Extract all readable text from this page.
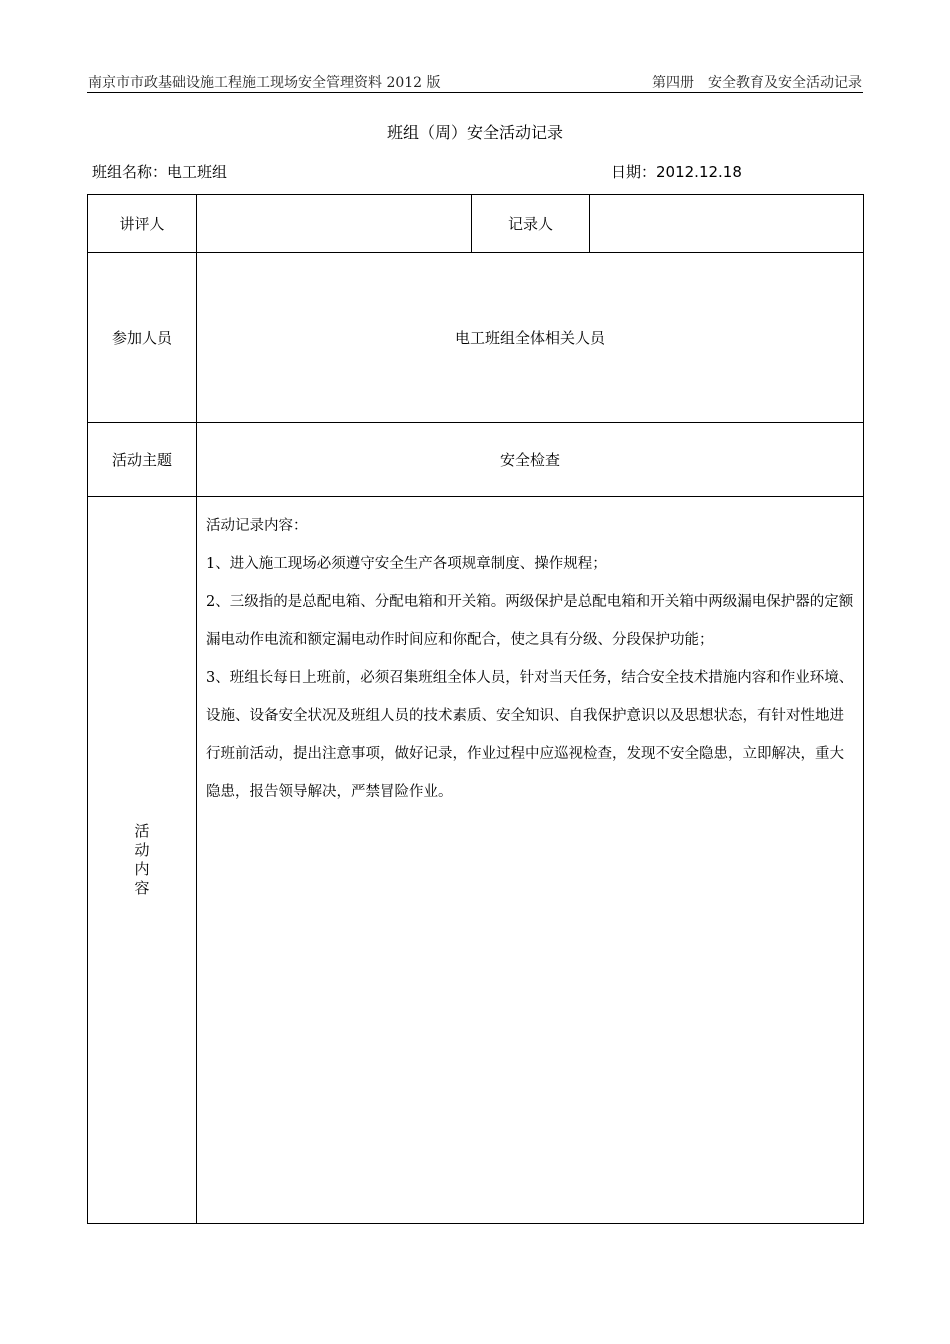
南京市市政基础设施工程施工现场安全管理资料 2012 版	第四册 安全教育及安全活动记录
班组（周）安全活动记录
班组名称：电工班组	日期：2012.12.18
讲评人		记录人	
参加人员	电工班组全体相关人员		
活动主题	安全检查		
活动内容	活动记录内容：

1、进入施工现场必须遵守安全生产各项规章制度、操作规程；

2、三级指的是总配电箱、分配电箱和开关箱。两级保护是总配电箱和开关箱中两级漏电保护器的定额漏电动作电流和额定漏电动作时间应和你配合，使之具有分级、分段保护功能；

3、班组长每日上班前，必须召集班组全体人员，针对当天任务，结合安全技术措施内容和作业环境、设施、设备安全状况及班组人员的技术素质、安全知识、自我保护意识以及思想状态，有针对性地进行班前活动，提出注意事项，做好记录，作业过程中应巡视检查，发现不安全隐患，立即解决，重大隐患，报告领导解决，严禁冒险作业。		
